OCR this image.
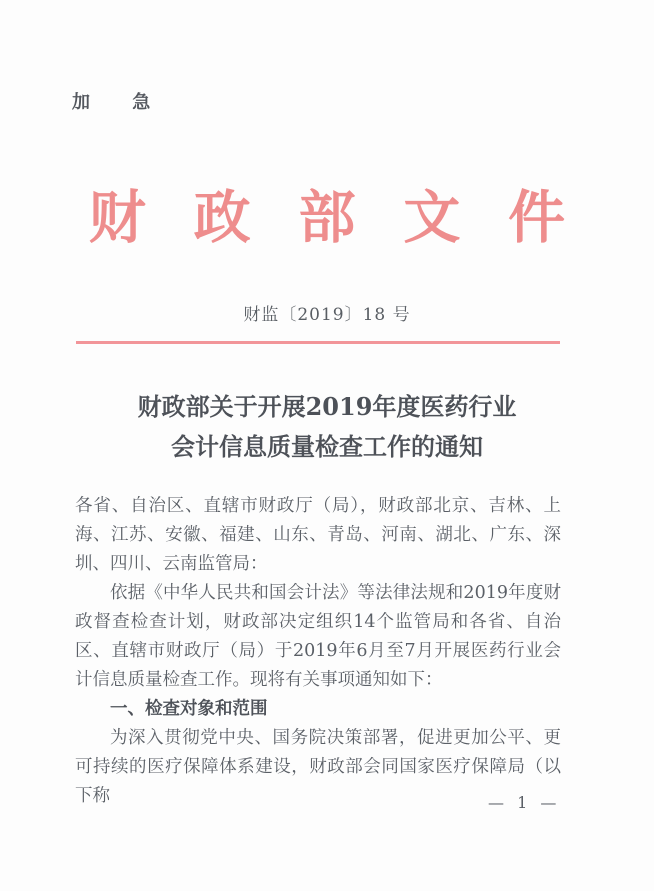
加 急
财 政 部 文 件
财监〔2019〕18 号
财政部关于开展2019年度医药行业
会计信息质量检查工作的通知

各省、自治区、直辖市财政厅（局），财政部北京、吉林、上海、江苏、安徽、福建、山东、青岛、河南、湖北、广东、深圳、四川、云南监管局：

依据《中华人民共和国会计法》等法律法规和2019年度财政督查检查计划，财政部决定组织14个监管局和各省、自治区、直辖市财政厅（局）于2019年6月至7月开展医药行业会计信息质量检查工作。现将有关事项通知如下：

一、检查对象和范围

为深入贯彻党中央、国务院决策部署，促进更加公平、更可持续的医疗保障体系建设，财政部会同国家医疗保障局（以下称	— 1 —
